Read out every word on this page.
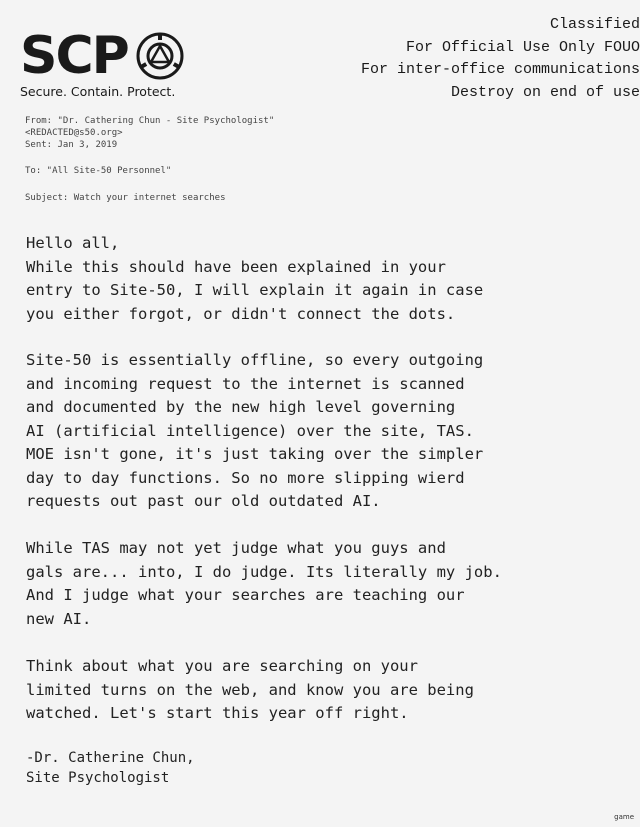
SCP
Secure. Contain. Protect.
Classified
For Official Use Only FOUO
For inter-office communications
Destroy on end of use
From: "Dr. Cathering Chun - Site Psychologist"
<REDACTED@s50.org>
Sent: Jan 3, 2019
To: "All Site-50 Personnel"
Subject: Watch your internet searches

Hello all,

While this should have been explained in your

entry to Site-50, I will explain it again in case

you either forgot, or didn't connect the dots.

Site-50 is essentially offline, so every outgoing

and incoming request to the internet is scanned

and documented by the new high level governing

AI (artificial intelligence) over the site, TAS.

MOE isn't gone, it's just taking over the simpler

day to day functions. So no more slipping wierd

requests out past our old outdated AI.

While TAS may not yet judge what you guys and

gals are... into, I do judge. Its literally my job.

And I judge what your searches are teaching our

new AI.

Think about what you are searching on your

limited turns on the web, and know you are being

watched. Let's start this year off right.

-Dr. Catherine Chun,

Site Psychologist

game
